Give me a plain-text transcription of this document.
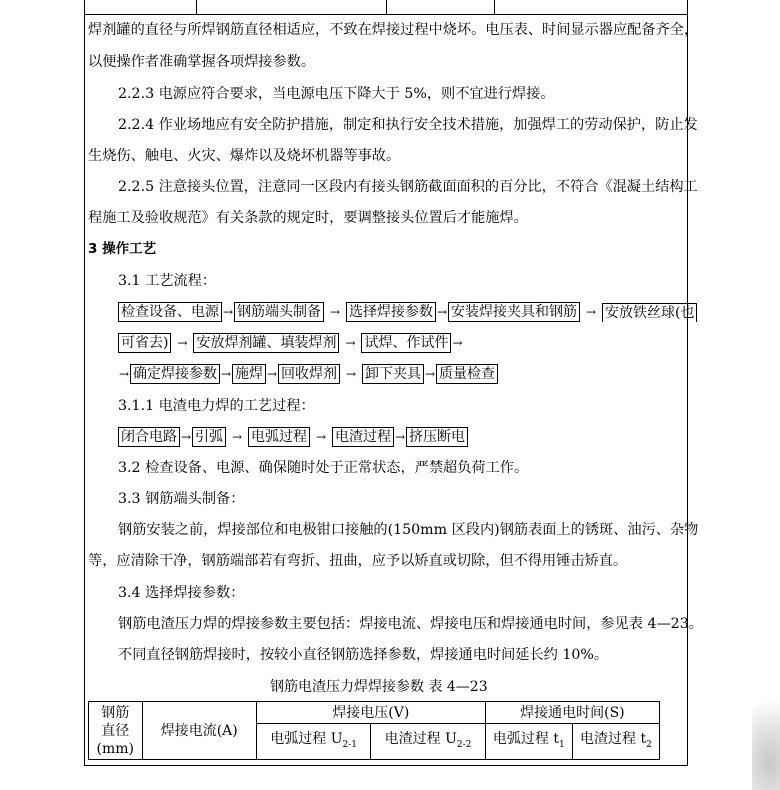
焊剂罐的直径与所焊钢筋直径相适应，不致在焊接过程中烧坏。电压表、时间显示器应配备齐全，
以便操作者准确掌握各项焊接参数。
2.2.3 电源应符合要求，当电源电压下降大于 5%，则不宜进行焊接。
2.2.4 作业场地应有安全防护措施，制定和执行安全技术措施，加强焊工的劳动保护，防止发
生烧伤、触电、火灾、爆炸以及烧坏机器等事故。
2.2.5 注意接头位置，注意同一区段内有接头钢筋截面面积的百分比，不符合《混凝土结构工
程施工及验收规范》有关条款的规定时，要调整接头位置后才能施焊。
3 操作工艺
3.1 工艺流程：
检查设备、电源 → 钢筋端头制备 → 选择焊接参数 → 安装焊接夹具和钢筋 → 安放铁丝球(也
可省去) → 安放焊剂罐、填装焊剂 → 试焊、作试件 →
→ 确定焊接参数 → 施焊 → 回收焊剂 → 卸下夹具 → 质量检查
3.1.1 电渣电力焊的工艺过程：
闭合电路 → 引弧 → 电弧过程 → 电渣过程 → 挤压断电
3.2 检查设备、电源、确保随时处于正常状态，严禁超负荷工作。
3.3 钢筋端头制备：
钢筋安装之前，焊接部位和电极钳口接触的(150mm 区段内)钢筋表面上的锈斑、油污、杂物
等，应清除干净，钢筋端部若有弯折、扭曲，应予以矫直或切除，但不得用锤击矫直。
3.4 选择焊接参数：
钢筋电渣压力焊的焊接参数主要包括：焊接电流、焊接电压和焊接通电时间，参见表 4—23。
不同直径钢筋焊接时，按较小直径钢筋选择参数，焊接通电时间延长约 10%。
钢筋电渣压力焊焊接参数 表 4—23
钢筋
直径
(mm)	焊接电流(A)	焊接电压(V)		焊接通电时间(S)	
		电弧过程 $U_{2-1}$	电渣过程 $U_{2-2}$	电弧过程 $t_1$	电渣过程 $t_2$
